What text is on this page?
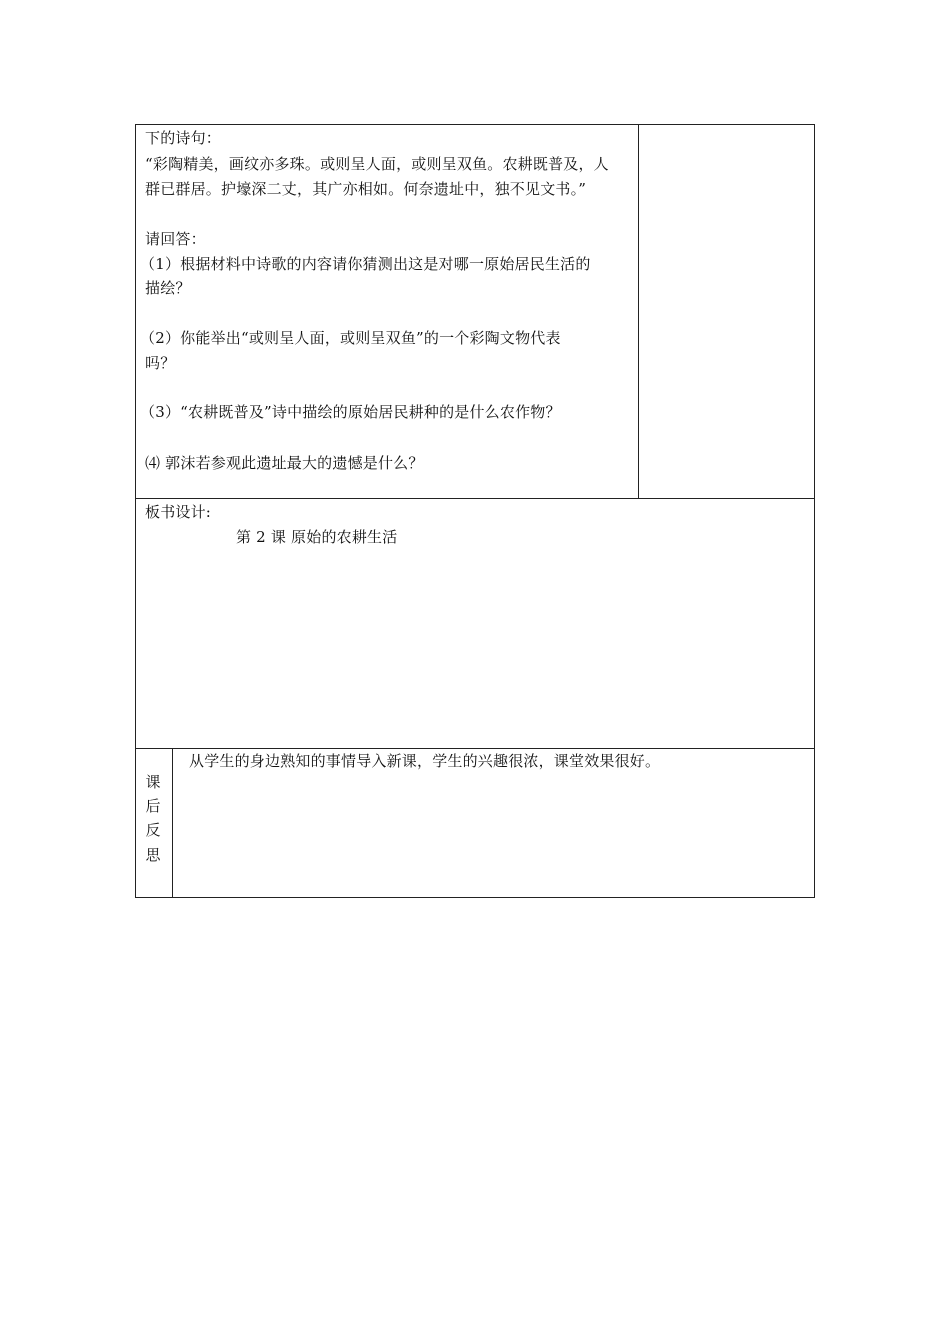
下的诗句：
“彩陶精美，画纹亦多珠。或则呈人面，或则呈双鱼。农耕既普及，人
群已群居。护壕深二丈，其广亦相如。何奈遗址中，独不见文书。”
请回答：
（1）根据材料中诗歌的内容请你猜测出这是对哪一原始居民生活的
描绘？
（2）你能举出“或则呈人面，或则呈双鱼”的一个彩陶文物代表
吗？
（3）“农耕既普及”诗中描绘的原始居民耕种的是什么农作物？
⑷ 郭沫若参观此遗址最大的遗憾是什么？
板书设计:
第 2 课 原始的农耕生活
课
后
反
思
从学生的身边熟知的事情导入新课，学生的兴趣很浓，课堂效果很好。
